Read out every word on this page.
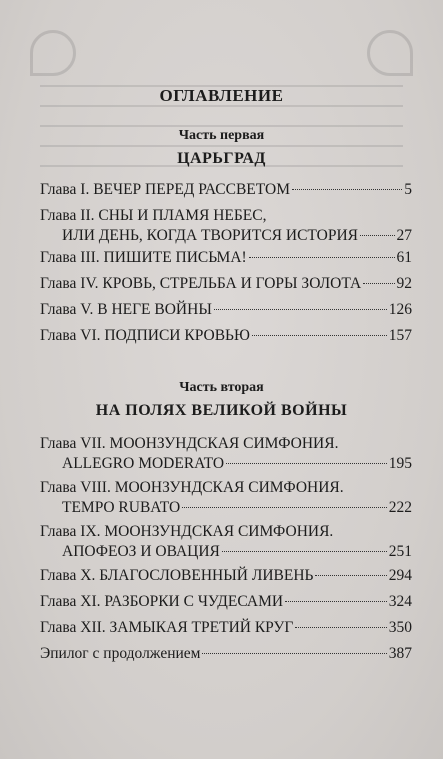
ОГЛАВЛЕНИЕ
Часть первая
ЦАРЬГРАД
Глава I. ВЕЧЕР ПЕРЕД РАССВЕТОМ	5
Глава II. СНЫ И ПЛАМЯ НЕБЕС,
ИЛИ ДЕНЬ, КОГДА ТВОРИТСЯ ИСТОРИЯ 27
Глава III. ПИШИТЕ ПИСЬМА!	61
Глава IV. КРОВЬ, СТРЕЛЬБА И ГОРЫ ЗОЛОТА 92
Глава V. В НЕГЕ ВОЙНЫ	126
Глава VI. ПОДПИСИ КРОВЬЮ	157
Часть вторая
НА ПОЛЯХ ВЕЛИКОЙ ВОЙНЫ
Глава VII. МООНЗУНДСКАЯ СИМФОНИЯ.
ALLEGRO MODERATO	195
Глава VIII. МООНЗУНДСКАЯ СИМФОНИЯ.
TEMPO RUBATO	222
Глава IX. МООНЗУНДСКАЯ СИМФОНИЯ.
АПОФЕОЗ И ОВАЦИЯ	251
Глава X. БЛАГОСЛОВЕННЫЙ ЛИВЕНЬ	294
Глава XI. РАЗБОРКИ С ЧУДЕСАМИ	324
Глава XII. ЗАМЫКАЯ ТРЕТИЙ КРУГ	350
Эпилог с продолжением	387
